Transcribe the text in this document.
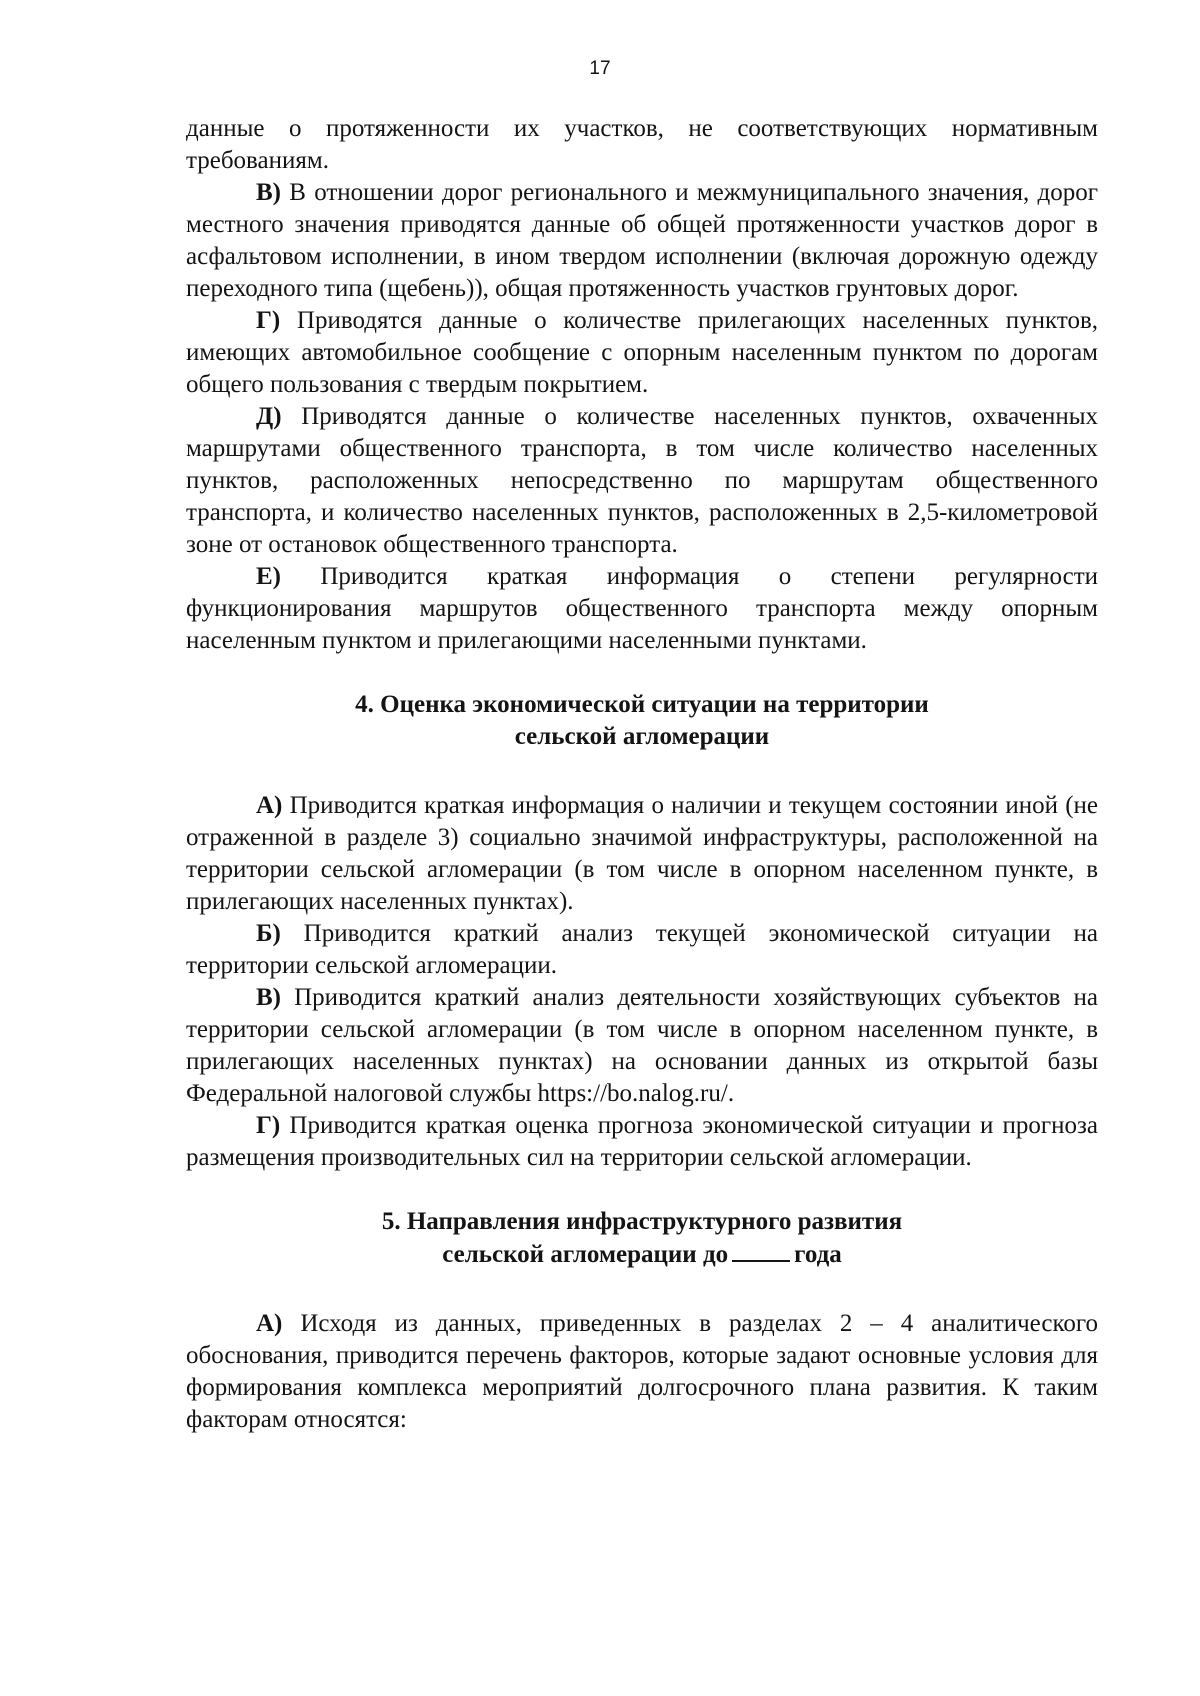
17

данные о протяженности их участков, не соответствующих нормативным требованиям.

В) В отношении дорог регионального и межмуниципального значения, дорог местного значения приводятся данные об общей протяженности участков дорог в асфальтовом исполнении, в ином твердом исполнении (включая дорожную одежду переходного типа (щебень)), общая протяженность участков грунтовых дорог.

Г) Приводятся данные о количестве прилегающих населенных пунктов, имеющих автомобильное сообщение с опорным населенным пунктом по дорогам общего пользования с твердым покрытием.

Д) Приводятся данные о количестве населенных пунктов, охваченных маршрутами общественного транспорта, в том числе количество населенных пунктов, расположенных непосредственно по маршрутам общественного транспорта, и количество населенных пунктов, расположенных в 2,5-километровой зоне от остановок общественного транспорта.

Е) Приводится краткая информация о степени регулярности функционирования маршрутов общественного транспорта между опорным населенным пунктом и прилегающими населенными пунктами.

4. Оценка экономической ситуации на территории

сельской агломерации

А) Приводится краткая информация о наличии и текущем состоянии иной (не отраженной в разделе 3) социально значимой инфраструктуры, расположенной на территории сельской агломерации (в том числе в опорном населенном пункте, в прилегающих населенных пунктах).

Б) Приводится краткий анализ текущей экономической ситуации на территории сельской агломерации.

В) Приводится краткий анализ деятельности хозяйствующих субъектов на территории сельской агломерации (в том числе в опорном населенном пункте, в прилегающих населенных пунктах) на основании данных из открытой базы Федеральной налоговой службы https://bo.nalog.ru/.

Г) Приводится краткая оценка прогноза экономической ситуации и прогноза размещения производительных сил на территории сельской агломерации.

5. Направления инфраструктурного развития

сельской агломерации до	года

А) Исходя из данных, приведенных в разделах 2 – 4 аналитического обоснования, приводится перечень факторов, которые задают основные условия для формирования комплекса мероприятий долгосрочного плана развития. К таким факторам относятся:
